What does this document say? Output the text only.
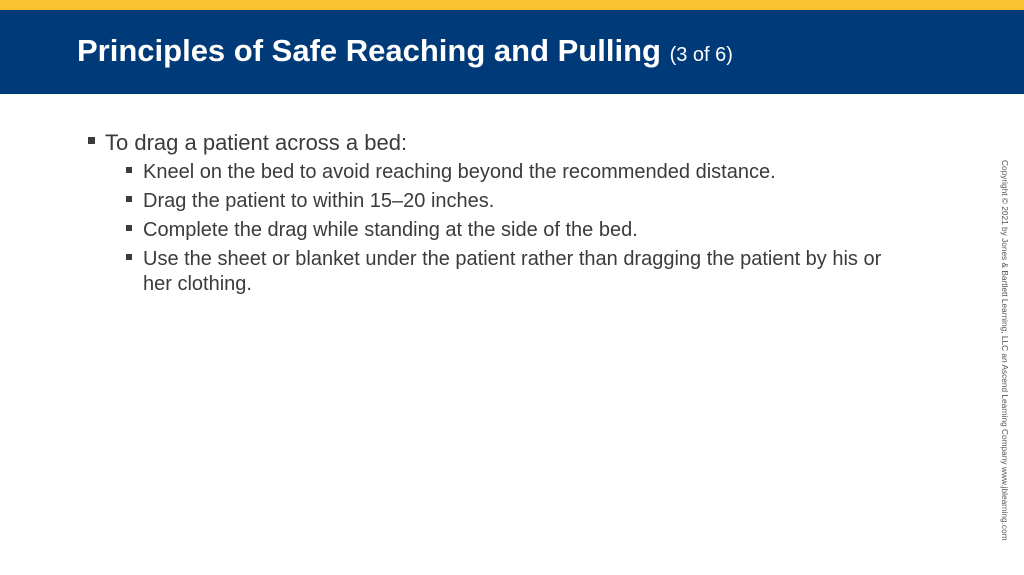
Principles of Safe Reaching and Pulling (3 of 6)
To drag a patient across a bed:
Kneel on the bed to avoid reaching beyond the recommended distance.
Drag the patient to within 15–20 inches.
Complete the drag while standing at the side of the bed.
Use the sheet or blanket under the patient rather than dragging the patient by his or her clothing.	Copyright © 2021 by Jones & Bartlett Learning, LLC an Ascend Learning Company www.jblearning.com
